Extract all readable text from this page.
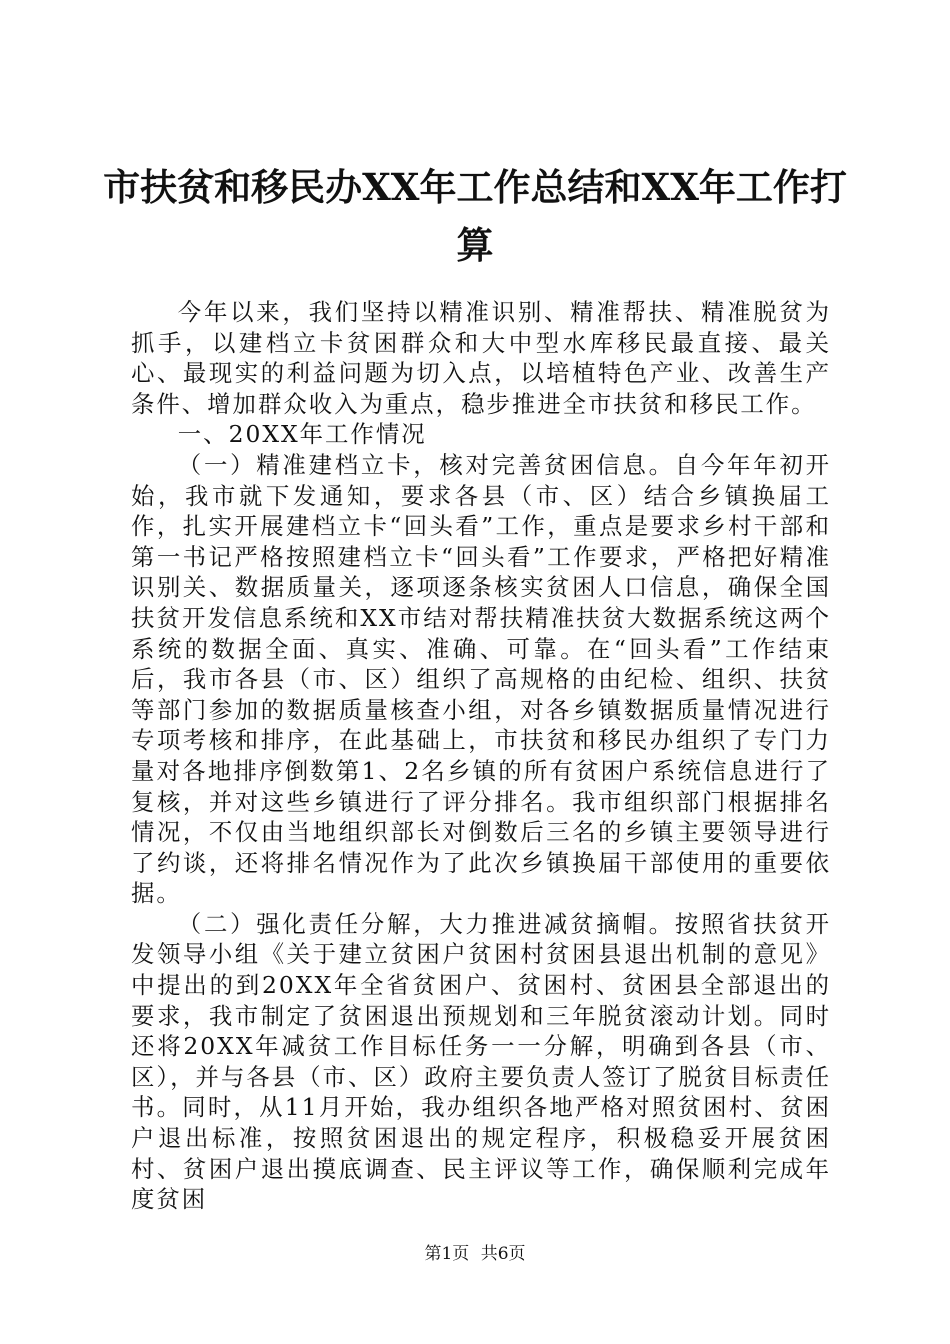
市扶贫和移民办XX年工作总结和XX年工作打算

今年以来，我们坚持以精准识别、精准帮扶、精准脱贫为抓手，以建档立卡贫困群众和大中型水库移民最直接、最关心、最现实的利益问题为切入点，以培植特色产业、改善生产条件、增加群众收入为重点，稳步推进全市扶贫和移民工作。

一、20XX年工作情况

（一）精准建档立卡，核对完善贫困信息。自今年年初开始，我市就下发通知，要求各县（市、区）结合乡镇换届工作，扎实开展建档立卡“回头看”工作，重点是要求乡村干部和第一书记严格按照建档立卡“回头看”工作要求，严格把好精准识别关、数据质量关，逐项逐条核实贫困人口信息，确保全国扶贫开发信息系统和XX市结对帮扶精准扶贫大数据系统这两个系统的数据全面、真实、准确、可靠。在“回头看”工作结束后，我市各县（市、区）组织了高规格的由纪检、组织、扶贫等部门参加的数据质量核查小组，对各乡镇数据质量情况进行专项考核和排序，在此基础上，市扶贫和移民办组织了专门力量对各地排序倒数第1、2名乡镇的所有贫困户系统信息进行了复核，并对这些乡镇进行了评分排名。我市组织部门根据排名情况，不仅由当地组织部长对倒数后三名的乡镇主要领导进行了约谈，还将排名情况作为了此次乡镇换届干部使用的重要依据。

（二）强化责任分解，大力推进减贫摘帽。按照省扶贫开发领导小组《关于建立贫困户贫困村贫困县退出机制的意见》中提出的到20XX年全省贫困户、贫困村、贫困县全部退出的要求，我市制定了贫困退出预规划和三年脱贫滚动计划。同时还将20XX年减贫工作目标任务一一分解，明确到各县（市、区），并与各县（市、区）政府主要负责人签订了脱贫目标责任书。同时，从11月开始，我办组织各地严格对照贫困村、贫困户退出标准，按照贫困退出的规定程序，积极稳妥开展贫困村、贫困户退出摸底调查、民主评议等工作，确保顺利完成年度贫困

第1页 共6页
